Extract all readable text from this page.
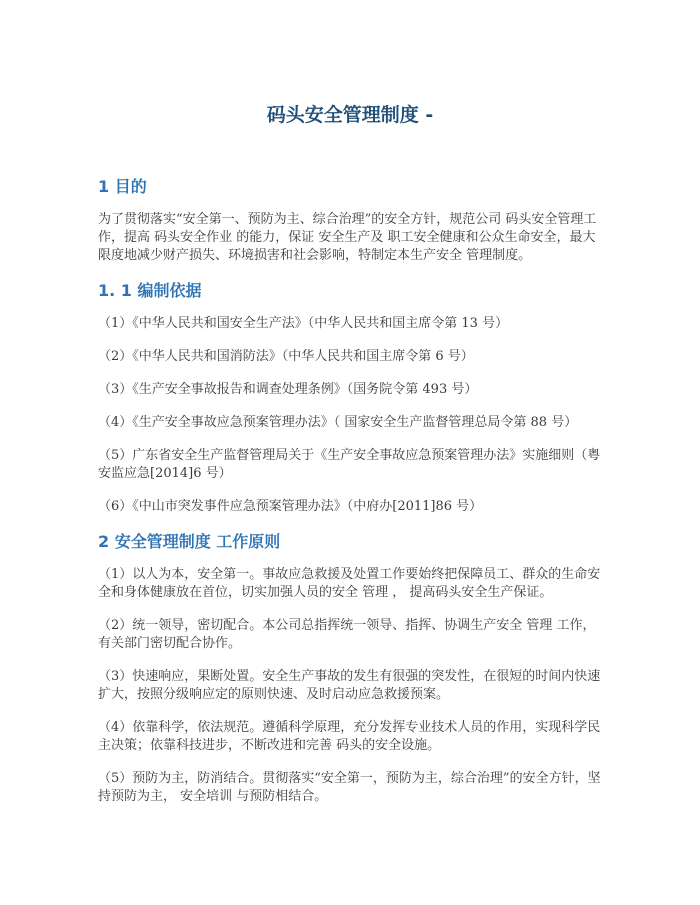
码头安全管理制度 -
1 目的

为了贯彻落实“安全第一、预防为主、综合治理”的安全方针，规范公司 码头安全管理工作，提高 码头安全作业 的能力，保证 安全生产及 职工安全健康和公众生命安全，最大限度地减少财产损失、环境损害和社会影响，特制定本生产安全 管理制度。

1. 1 编制依据

（1）《中华人民共和国安全生产法》（中华人民共和国主席令第 13 号）

（2）《中华人民共和国消防法》（中华人民共和国主席令第 6 号）

（3）《生产安全事故报告和调查处理条例》（国务院令第 493 号）

（4）《生产安全事故应急预案管理办法》（ 国家安全生产监督管理总局令第 88 号）

（5）广东省安全生产监督管理局关于《生产安全事故应急预案管理办法》实施细则（粤安监应急[2014]6 号）

（6）《中山市突发事件应急预案管理办法》（中府办[2011]86 号）

2 安全管理制度 工作原则

（1）以人为本，安全第一。事故应急救援及处置工作要始终把保障员工、群众的生命安全和身体健康放在首位，切实加强人员的安全 管理 ， 提高码头安全生产保证。

（2）统一领导，密切配合。本公司总指挥统一领导、指挥、协调生产安全 管理 工作，有关部门密切配合协作。

（3）快速响应，果断处置。安全生产事故的发生有很强的突发性，在很短的时间内快速扩大，按照分级响应定的原则快速、及时启动应急救援预案。

（4）依靠科学，依法规范。遵循科学原理，充分发挥专业技术人员的作用，实现科学民主决策；依靠科技进步，不断改进和完善 码头的安全设施。

（5）预防为主，防消结合。贯彻落实“安全第一，预防为主，综合治理”的安全方针，坚持预防为主， 安全培训 与预防相结合。
